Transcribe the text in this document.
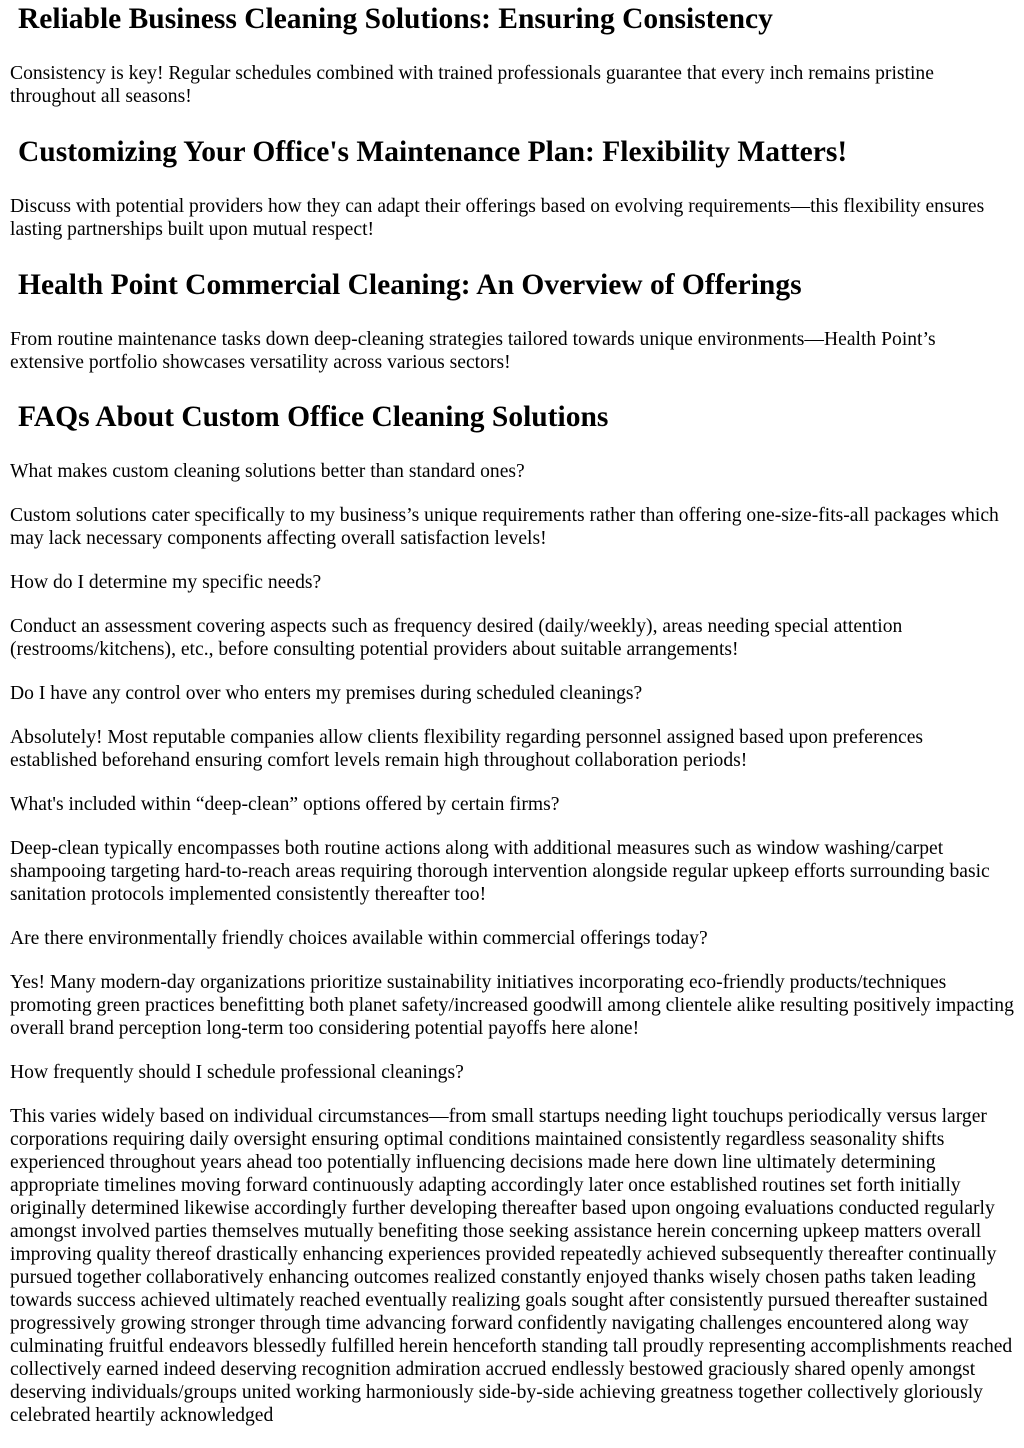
Reliable Business Cleaning Solutions: Ensuring Consistency

Consistency is key! Regular schedules combined with trained professionals guarantee that every inch remains pristine throughout all seasons!

Customizing Your Office's Maintenance Plan: Flexibility Matters!

Discuss with potential providers how they can adapt their offerings based on evolving requirements—this flexibility ensures lasting partnerships built upon mutual respect!

Health Point Commercial Cleaning: An Overview of Offerings

From routine maintenance tasks down deep-cleaning strategies tailored towards unique environments—Health Point’s extensive portfolio showcases versatility across various sectors!

FAQs About Custom Office Cleaning Solutions

What makes custom cleaning solutions better than standard ones?

Custom solutions cater specifically to my business’s unique requirements rather than offering one-size-fits-all packages which may lack necessary components affecting overall satisfaction levels!

How do I determine my specific needs?

Conduct an assessment covering aspects such as frequency desired (daily/weekly), areas needing special attention (restrooms/kitchens), etc., before consulting potential providers about suitable arrangements!

Do I have any control over who enters my premises during scheduled cleanings?

Absolutely! Most reputable companies allow clients flexibility regarding personnel assigned based upon preferences established beforehand ensuring comfort levels remain high throughout collaboration periods!

What's included within “deep-clean” options offered by certain firms?

Deep-clean typically encompasses both routine actions along with additional measures such as window washing/carpet shampooing targeting hard-to-reach areas requiring thorough intervention alongside regular upkeep efforts surrounding basic sanitation protocols implemented consistently thereafter too!

Are there environmentally friendly choices available within commercial offerings today?

Yes! Many modern-day organizations prioritize sustainability initiatives incorporating eco-friendly products/techniques promoting green practices benefitting both planet safety/increased goodwill among clientele alike resulting positively impacting overall brand perception long-term too considering potential payoffs here alone!

How frequently should I schedule professional cleanings?

This varies widely based on individual circumstances—from small startups needing light touchups periodically versus larger corporations requiring daily oversight ensuring optimal conditions maintained consistently regardless seasonality shifts experienced throughout years ahead too potentially influencing decisions made here down line ultimately determining appropriate timelines moving forward continuously adapting accordingly later once established routines set forth initially originally determined likewise accordingly further developing thereafter based upon ongoing evaluations conducted regularly amongst involved parties themselves mutually benefiting those seeking assistance herein concerning upkeep matters overall improving quality thereof drastically enhancing experiences provided repeatedly achieved subsequently thereafter continually pursued together collaboratively enhancing outcomes realized constantly enjoyed thanks wisely chosen paths taken leading towards success achieved ultimately reached eventually realizing goals sought after consistently pursued thereafter sustained progressively growing stronger through time advancing forward confidently navigating challenges encountered along way culminating fruitful endeavors blessedly fulfilled herein henceforth standing tall proudly representing accomplishments reached collectively earned indeed deserving recognition admiration accrued endlessly bestowed graciously shared openly amongst deserving individuals/groups united working harmoniously side-by-side achieving greatness together collectively gloriously celebrated heartily acknowledged
